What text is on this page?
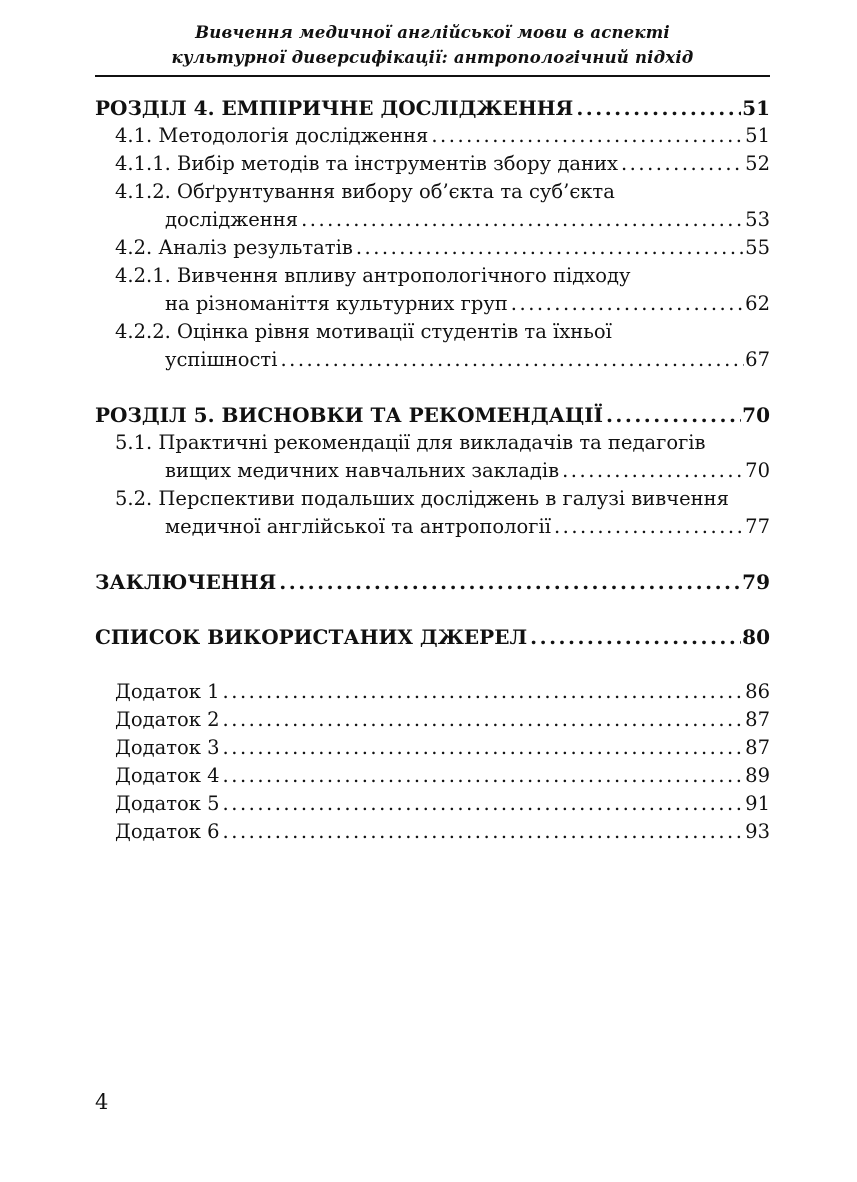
Вивчення медичної англійської мови в аспекті
культурної диверсифікації: антропологічний підхід
РОЗДІЛ 4. ЕМПІРИЧНЕ ДОСЛІДЖЕННЯ .....	51
4.1. Методологія дослідження .....	51
4.1.1. Вибір методів та інструментів збору даних .....	52
4.1.2. Обґрунтування вибору об’єкта та суб’єкта
дослідження .....	53
4.2. Аналіз результатів .....	55
4.2.1. Вивчення впливу антропологічного підходу
на різноманіття культурних груп .....	62
4.2.2. Оцінка рівня мотивації студентів та їхньої
успішності .....	67
РОЗДІЛ 5. ВИСНОВКИ ТА РЕКОМЕНДАЦІЇ .....	70
5.1. Практичні рекомендації для викладачів та педагогів
вищих медичних навчальних закладів .....	70
5.2. Перспективи подальших досліджень в галузі вивчення
медичної англійської та антропології .....	77
ЗАКЛЮЧЕННЯ .....	79
СПИСОК ВИКОРИСТАНИХ ДЖЕРЕЛ .....	80
Додаток 1 .....	86
Додаток 2 .....	87
Додаток 3 .....	87
Додаток 4 .....	89
Додаток 5 .....	91
Додаток 6 .....	93
4
